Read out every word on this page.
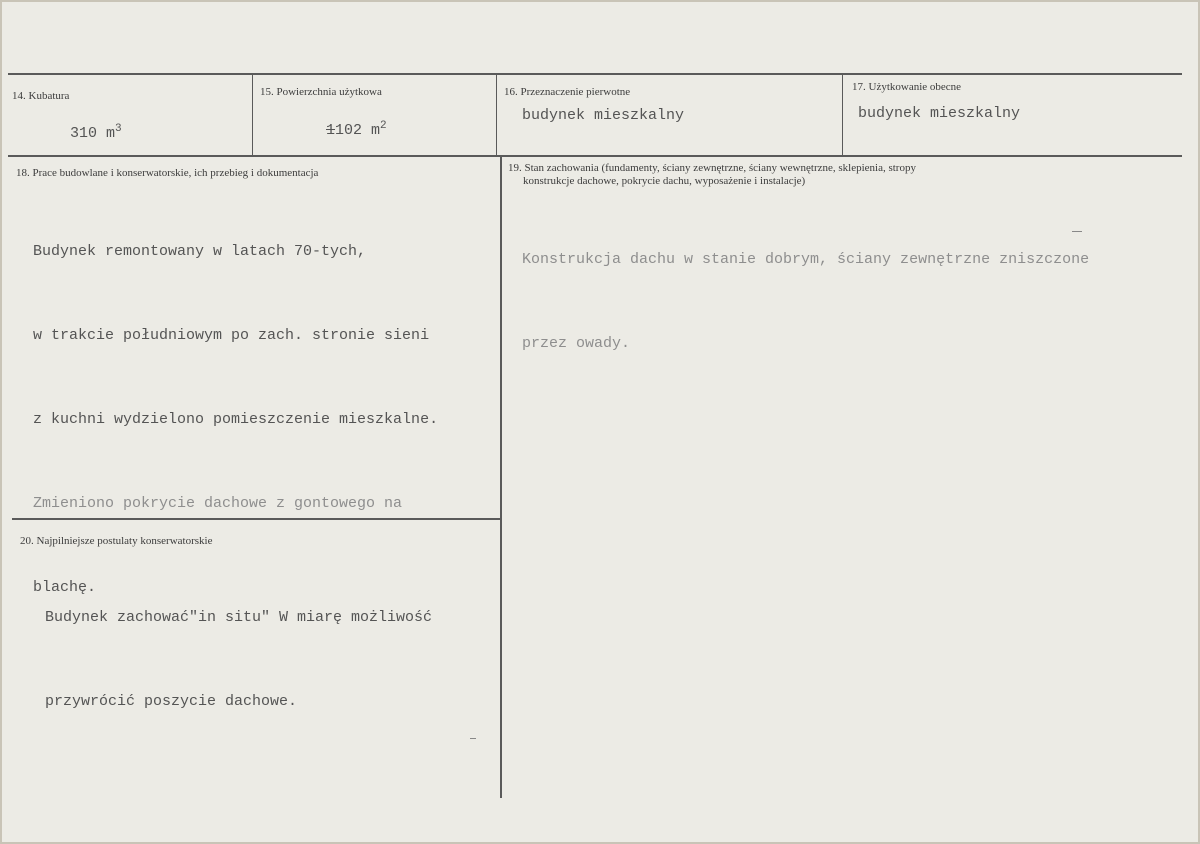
14. Kubatura
310 $m^3$
15. Powierzchnia użytkowa
1102 $m^2$
16. Przeznaczenie pierwotne
budynek mieszkalny
17. Użytkowanie obecne
budynek mieszkalny
18. Prace budowlane i konserwatorskie, ich przebieg i dokumentacja

Budynek remontowany w latach 70-tych,

w trakcie południowym po zach. stronie sieni

z kuchni wydzielono pomieszczenie mieszkalne.

Zmieniono pokrycie dachowe z gontowego na

blachę.

19. Stan zachowania (fundamenty, ściany zewnętrzne, ściany wewnętrzne, sklepienia, stropy
konstrukcje dachowe, pokrycie dachu, wyposażenie i instalacje)

Konstrukcja dachu w stanie dobrym, ściany zewnętrzne zniszczone

przez owady.

20. Najpilniejsze postulaty konserwatorskie

Budynek zachować"in situ" W miarę możliwość

przywrócić poszycie dachowe.
